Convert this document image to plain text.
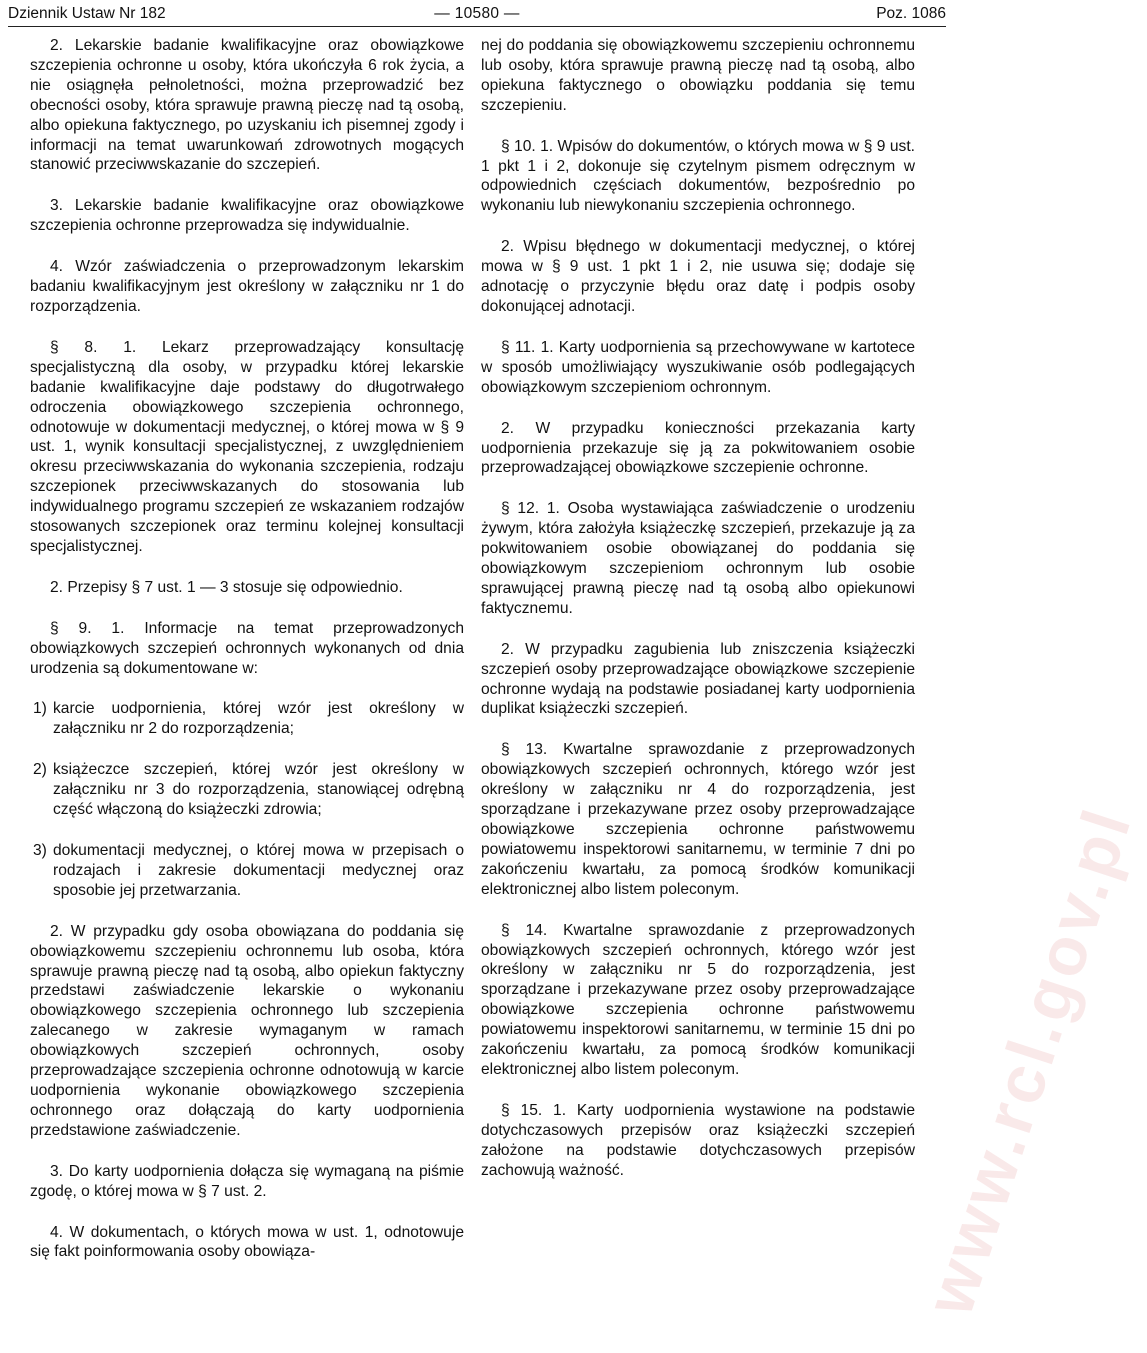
Dziennik Ustaw Nr 182	— 10580 —	Poz. 1086

2. Lekarskie badanie kwalifikacyjne oraz obowiązkowe szczepienia ochronne u osoby, która ukończyła 6 rok życia, a nie osiągnęła pełnoletności, można przeprowadzić bez obecności osoby, która sprawuje prawną pieczę nad tą osobą, albo opiekuna faktycznego, po uzyskaniu ich pisemnej zgody i informacji na temat uwarunkowań zdrowotnych mogących stanowić przeciwwskazanie do szczepień.

3. Lekarskie badanie kwalifikacyjne oraz obowiązkowe szczepienia ochronne przeprowadza się indywidualnie.

4. Wzór zaświadczenia o przeprowadzonym lekarskim badaniu kwalifikacyjnym jest określony w załączniku nr 1 do rozporządzenia.

§ 8. 1. Lekarz przeprowadzający konsultację specjalistyczną dla osoby, w przypadku której lekarskie badanie kwalifikacyjne daje podstawy do długotrwałego odroczenia obowiązkowego szczepienia ochronnego, odnotowuje w dokumentacji medycznej, o której mowa w § 9 ust. 1, wynik konsultacji specjalistycznej, z uwzględnieniem okresu przeciwwskazania do wykonania szczepienia, rodzaju szczepionek przeciwwskazanych do stosowania lub indywidualnego programu szczepień ze wskazaniem rodzajów stosowanych szczepionek oraz terminu kolejnej konsultacji specjalistycznej.

2. Przepisy § 7 ust. 1 — 3 stosuje się odpowiednio.

§ 9. 1. Informacje na temat przeprowadzonych obowiązkowych szczepień ochronnych wykonanych od dnia urodzenia są dokumentowane w:

1) karcie uodpornienia, której wzór jest określony w załączniku nr 2 do rozporządzenia;

2) książeczce szczepień, której wzór jest określony w załączniku nr 3 do rozporządzenia, stanowiącej odrębną część włączoną do książeczki zdrowia;

3) dokumentacji medycznej, o której mowa w przepisach o rodzajach i zakresie dokumentacji medycznej oraz sposobie jej przetwarzania.

2. W przypadku gdy osoba obowiązana do poddania się obowiązkowemu szczepieniu ochronnemu lub osoba, która sprawuje prawną pieczę nad tą osobą, albo opiekun faktyczny przedstawi zaświadczenie lekarskie o wykonaniu obowiązkowego szczepienia ochronnego lub szczepienia zalecanego w zakresie wymaganym w ramach obowiązkowych szczepień ochronnych, osoby przeprowadzające szczepienia ochronne odnotowują w karcie uodpornienia wykonanie obowiązkowego szczepienia ochronnego oraz dołączają do karty uodpornienia przedstawione zaświadczenie.

3. Do karty uodpornienia dołącza się wymaganą na piśmie zgodę, o której mowa w § 7 ust. 2.

4. W dokumentach, o których mowa w ust. 1, odnotowuje się fakt poinformowania osoby obowiąza-

nej do poddania się obowiązkowemu szczepieniu ochronnemu lub osoby, która sprawuje prawną pieczę nad tą osobą, albo opiekuna faktycznego o obowiązku poddania się temu szczepieniu.

§ 10. 1. Wpisów do dokumentów, o których mowa w § 9 ust. 1 pkt 1 i 2, dokonuje się czytelnym pismem odręcznym w odpowiednich częściach dokumentów, bezpośrednio po wykonaniu lub niewykonaniu szczepienia ochronnego.

2. Wpisu błędnego w dokumentacji medycznej, o której mowa w § 9 ust. 1 pkt 1 i 2, nie usuwa się; dodaje się adnotację o przyczynie błędu oraz datę i podpis osoby dokonującej adnotacji.

§ 11. 1. Karty uodpornienia są przechowywane w kartotece w sposób umożliwiający wyszukiwanie osób podlegających obowiązkowym szczepieniom ochronnym.

2. W przypadku konieczności przekazania karty uodpornienia przekazuje się ją za pokwitowaniem osobie przeprowadzającej obowiązkowe szczepienie ochronne.

§ 12. 1. Osoba wystawiająca zaświadczenie o urodzeniu żywym, która założyła książeczkę szczepień, przekazuje ją za pokwitowaniem osobie obowiązanej do poddania się obowiązkowym szczepieniom ochronnym lub osobie sprawującej prawną pieczę nad tą osobą albo opiekunowi faktycznemu.

2. W przypadku zagubienia lub zniszczenia książeczki szczepień osoby przeprowadzające obowiązkowe szczepienie ochronne wydają na podstawie posiadanej karty uodpornienia duplikat książeczki szczepień.

§ 13. Kwartalne sprawozdanie z przeprowadzonych obowiązkowych szczepień ochronnych, którego wzór jest określony w załączniku nr 4 do rozporządzenia, jest sporządzane i przekazywane przez osoby przeprowadzające obowiązkowe szczepienia ochronne państwowemu powiatowemu inspektorowi sanitarnemu, w terminie 7 dni po zakończeniu kwartału, za pomocą środków komunikacji elektronicznej albo listem poleconym.

§ 14. Kwartalne sprawozdanie z przeprowadzonych obowiązkowych szczepień ochronnych, którego wzór jest określony w załączniku nr 5 do rozporządzenia, jest sporządzane i przekazywane przez osoby przeprowadzające obowiązkowe szczepienia ochronne państwowemu powiatowemu inspektorowi sanitarnemu, w terminie 15 dni po zakończeniu kwartału, za pomocą środków komunikacji elektronicznej albo listem poleconym.

§ 15. 1. Karty uodpornienia wystawione na podstawie dotychczasowych przepisów oraz książeczki szczepień założone na podstawie dotychczasowych przepisów zachowują ważność.	www.rcl.gov.pl
